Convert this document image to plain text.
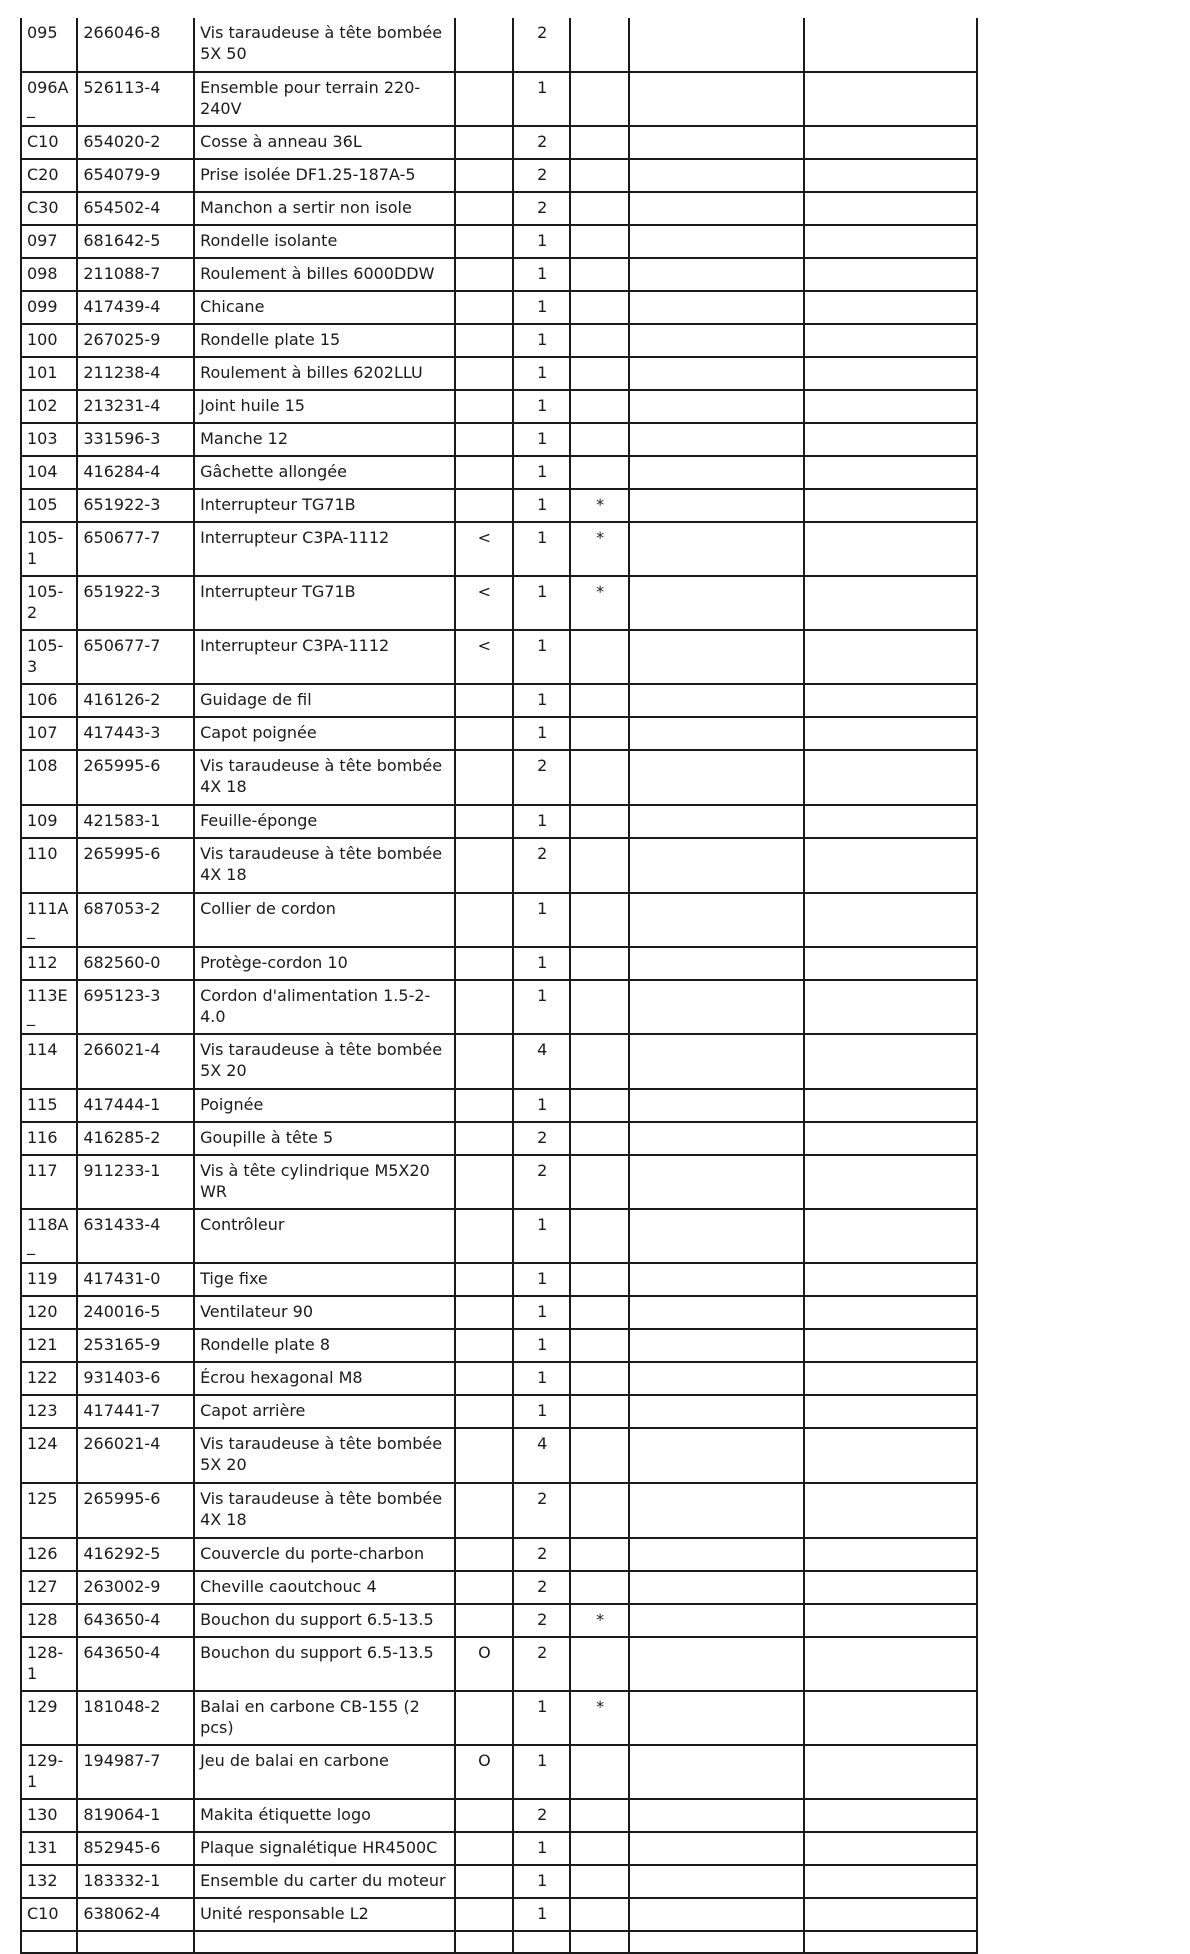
095	266046-8	Vis taraudeuse à tête bombée 5X 50		2			
096A_	526113-4	Ensemble pour terrain 220-240V		1			
C10	654020-2	Cosse à anneau 36L		2			
C20	654079-9	Prise isolée DF1.25-187A-5		2			
C30	654502-4	Manchon a sertir non isole		2			
097	681642-5	Rondelle isolante		1			
098	211088-7	Roulement à billes 6000DDW		1			
099	417439-4	Chicane		1			
100	267025-9	Rondelle plate 15		1			
101	211238-4	Roulement à billes 6202LLU		1			
102	213231-4	Joint huile 15		1			
103	331596-3	Manche 12		1			
104	416284-4	Gâchette allongée		1			
105	651922-3	Interrupteur TG71B		1	*		
105-1	650677-7	Interrupteur C3PA-1112	<	1	*		
105-2	651922-3	Interrupteur TG71B	<	1	*		
105-3	650677-7	Interrupteur C3PA-1112	<	1			
106	416126-2	Guidage de fil		1			
107	417443-3	Capot poignée		1			
108	265995-6	Vis taraudeuse à tête bombée 4X 18		2			
109	421583-1	Feuille-éponge		1			
110	265995-6	Vis taraudeuse à tête bombée 4X 18		2			
111A_	687053-2	Collier de cordon		1			
112	682560-0	Protège-cordon 10		1			
113E_	695123-3	Cordon d'alimentation 1.5-2-4.0		1			
114	266021-4	Vis taraudeuse à tête bombée 5X 20		4			
115	417444-1	Poignée		1			
116	416285-2	Goupille à tête 5		2			
117	911233-1	Vis à tête cylindrique M5X20 WR		2			
118A_	631433-4	Contrôleur		1			
119	417431-0	Tige fixe		1			
120	240016-5	Ventilateur 90		1			
121	253165-9	Rondelle plate 8		1			
122	931403-6	Écrou hexagonal M8		1			
123	417441-7	Capot arrière		1			
124	266021-4	Vis taraudeuse à tête bombée 5X 20		4			
125	265995-6	Vis taraudeuse à tête bombée 4X 18		2			
126	416292-5	Couvercle du porte-charbon		2			
127	263002-9	Cheville caoutchouc 4		2			
128	643650-4	Bouchon du support 6.5-13.5		2	*		
128-1	643650-4	Bouchon du support 6.5-13.5	O	2			
129	181048-2	Balai en carbone CB-155 (2 pcs)		1	*		
129-1	194987-7	Jeu de balai en carbone	O	1			
130	819064-1	Makita étiquette logo		2			
131	852945-6	Plaque signalétique HR4500C		1			
132	183332-1	Ensemble du carter du moteur		1			
C10	638062-4	Unité responsable L2		1			
